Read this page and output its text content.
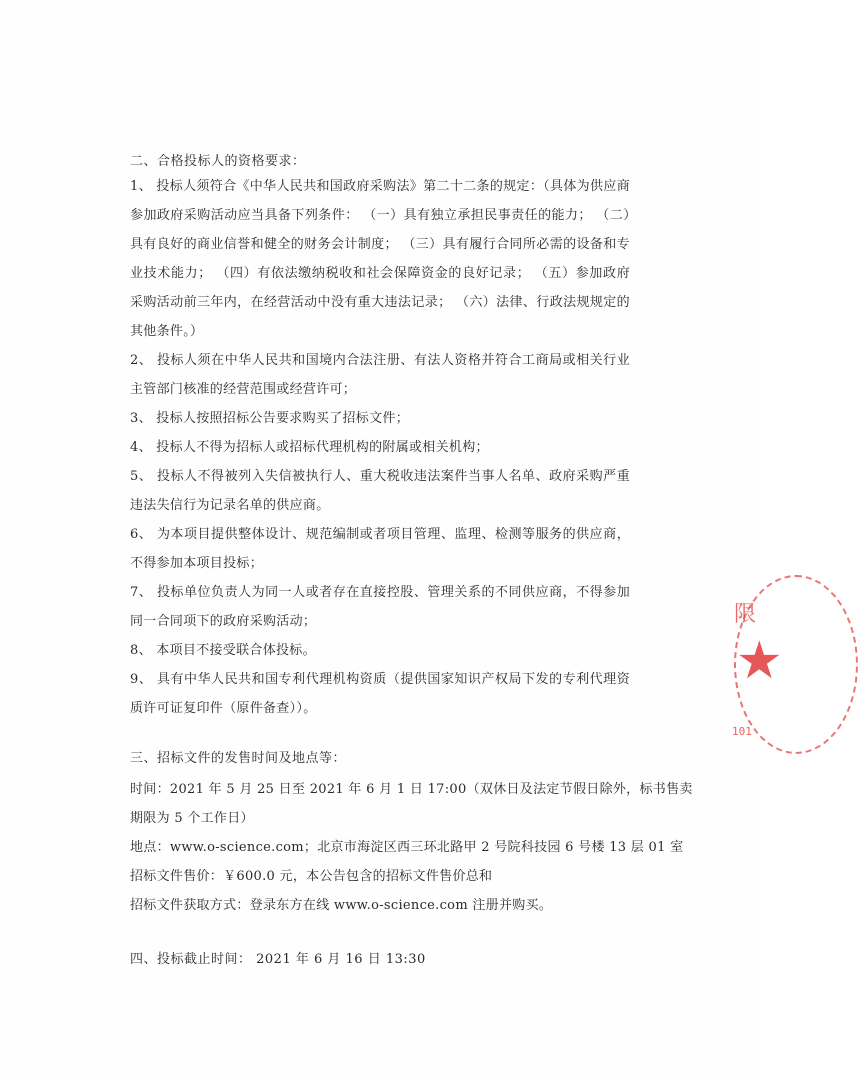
二、合格投标人的资格要求：
1、 投标人须符合《中华人民共和国政府采购法》第二十二条的规定：（具体为供应商参加政府采购活动应当具备下列条件： （一）具有独立承担民事责任的能力； （二）具有良好的商业信誉和健全的财务会计制度； （三）具有履行合同所必需的设备和专业技术能力； （四）有依法缴纳税收和社会保障资金的良好记录； （五）参加政府采购活动前三年内，在经营活动中没有重大违法记录； （六）法律、行政法规规定的其他条件。）
2、 投标人须在中华人民共和国境内合法注册、有法人资格并符合工商局或相关行业主管部门核准的经营范围或经营许可；
3、 投标人按照招标公告要求购买了招标文件；
4、 投标人不得为招标人或招标代理机构的附属或相关机构；
5、 投标人不得被列入失信被执行人、重大税收违法案件当事人名单、政府采购严重违法失信行为记录名单的供应商。
6、 为本项目提供整体设计、规范编制或者项目管理、监理、检测等服务的供应商，不得参加本项目投标；
7、 投标单位负责人为同一人或者存在直接控股、管理关系的不同供应商，不得参加同一合同项下的政府采购活动；
8、 本项目不接受联合体投标。
9、 具有中华人民共和国专利代理机构资质（提供国家知识产权局下发的专利代理资质许可证复印件（原件备查））。
三、招标文件的发售时间及地点等：
时间：2021 年 5 月 25 日至 2021 年 6 月 1 日 17:00（双休日及法定节假日除外，标书售卖
期限为 5 个工作日）
地点：www.o-science.com；北京市海淀区西三环北路甲 2 号院科技园 6 号楼 13 层 01 室
招标文件售价：￥600.0 元，本公告包含的招标文件售价总和
招标文件获取方式：登录东方在线 www.o-science.com 注册并购买。
四、投标截止时间： 2021 年 6 月 16 日 13:30
限
★
101
